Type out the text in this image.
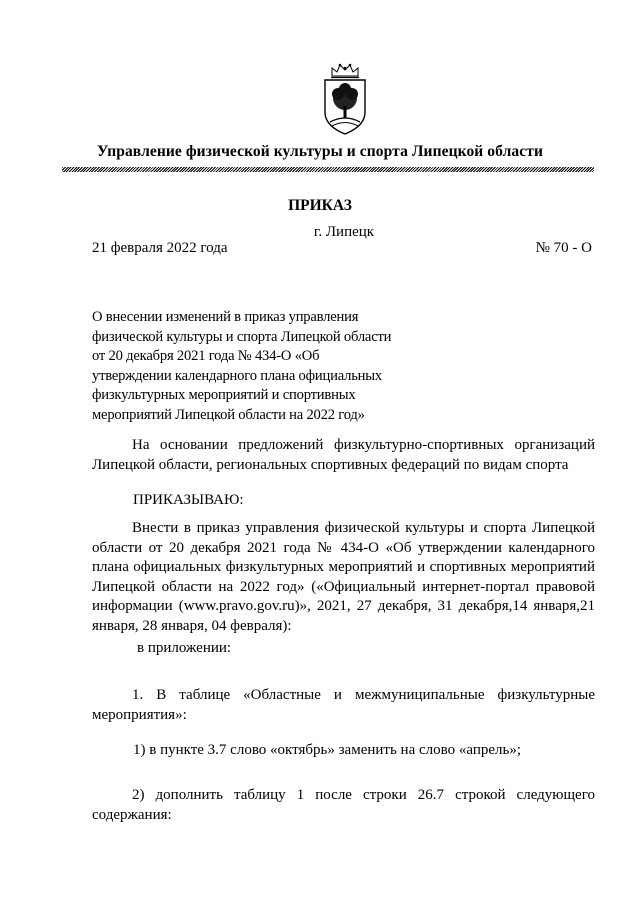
Управление физической культуры и спорта Липецкой области
ПРИКАЗ
г. Липецк
21 февраля 2022 года	№ 70 - О
О внесении изменений в приказ управления физической культуры и спорта Липецкой области от 20 декабря 2021 года № 434-О «Об утверждении календарного плана официальных физкультурных мероприятий и спортивных мероприятий Липецкой области на 2022 год»
На основании предложений физкультурно-спортивных организаций Липецкой области, региональных спортивных федераций по видам спорта
ПРИКАЗЫВАЮ:
Внести в приказ управления физической культуры и спорта Липецкой области от 20 декабря 2021 года № 434-О «Об утверждении календарного плана официальных физкультурных мероприятий и спортивных мероприятий Липецкой области на 2022 год» («Официальный интернет-портал правовой информации (www.pravo.gov.ru)», 2021, 27 декабря, 31 декабря,14 января,21 января, 28 января, 04 февраля):
в приложении:
1. В таблице «Областные и межмуниципальные физкультурные мероприятия»:
1) в пункте 3.7 слово «октябрь» заменить на слово «апрель»;
2) дополнить таблицу 1 после строки 26.7 строкой следующего содержания:
